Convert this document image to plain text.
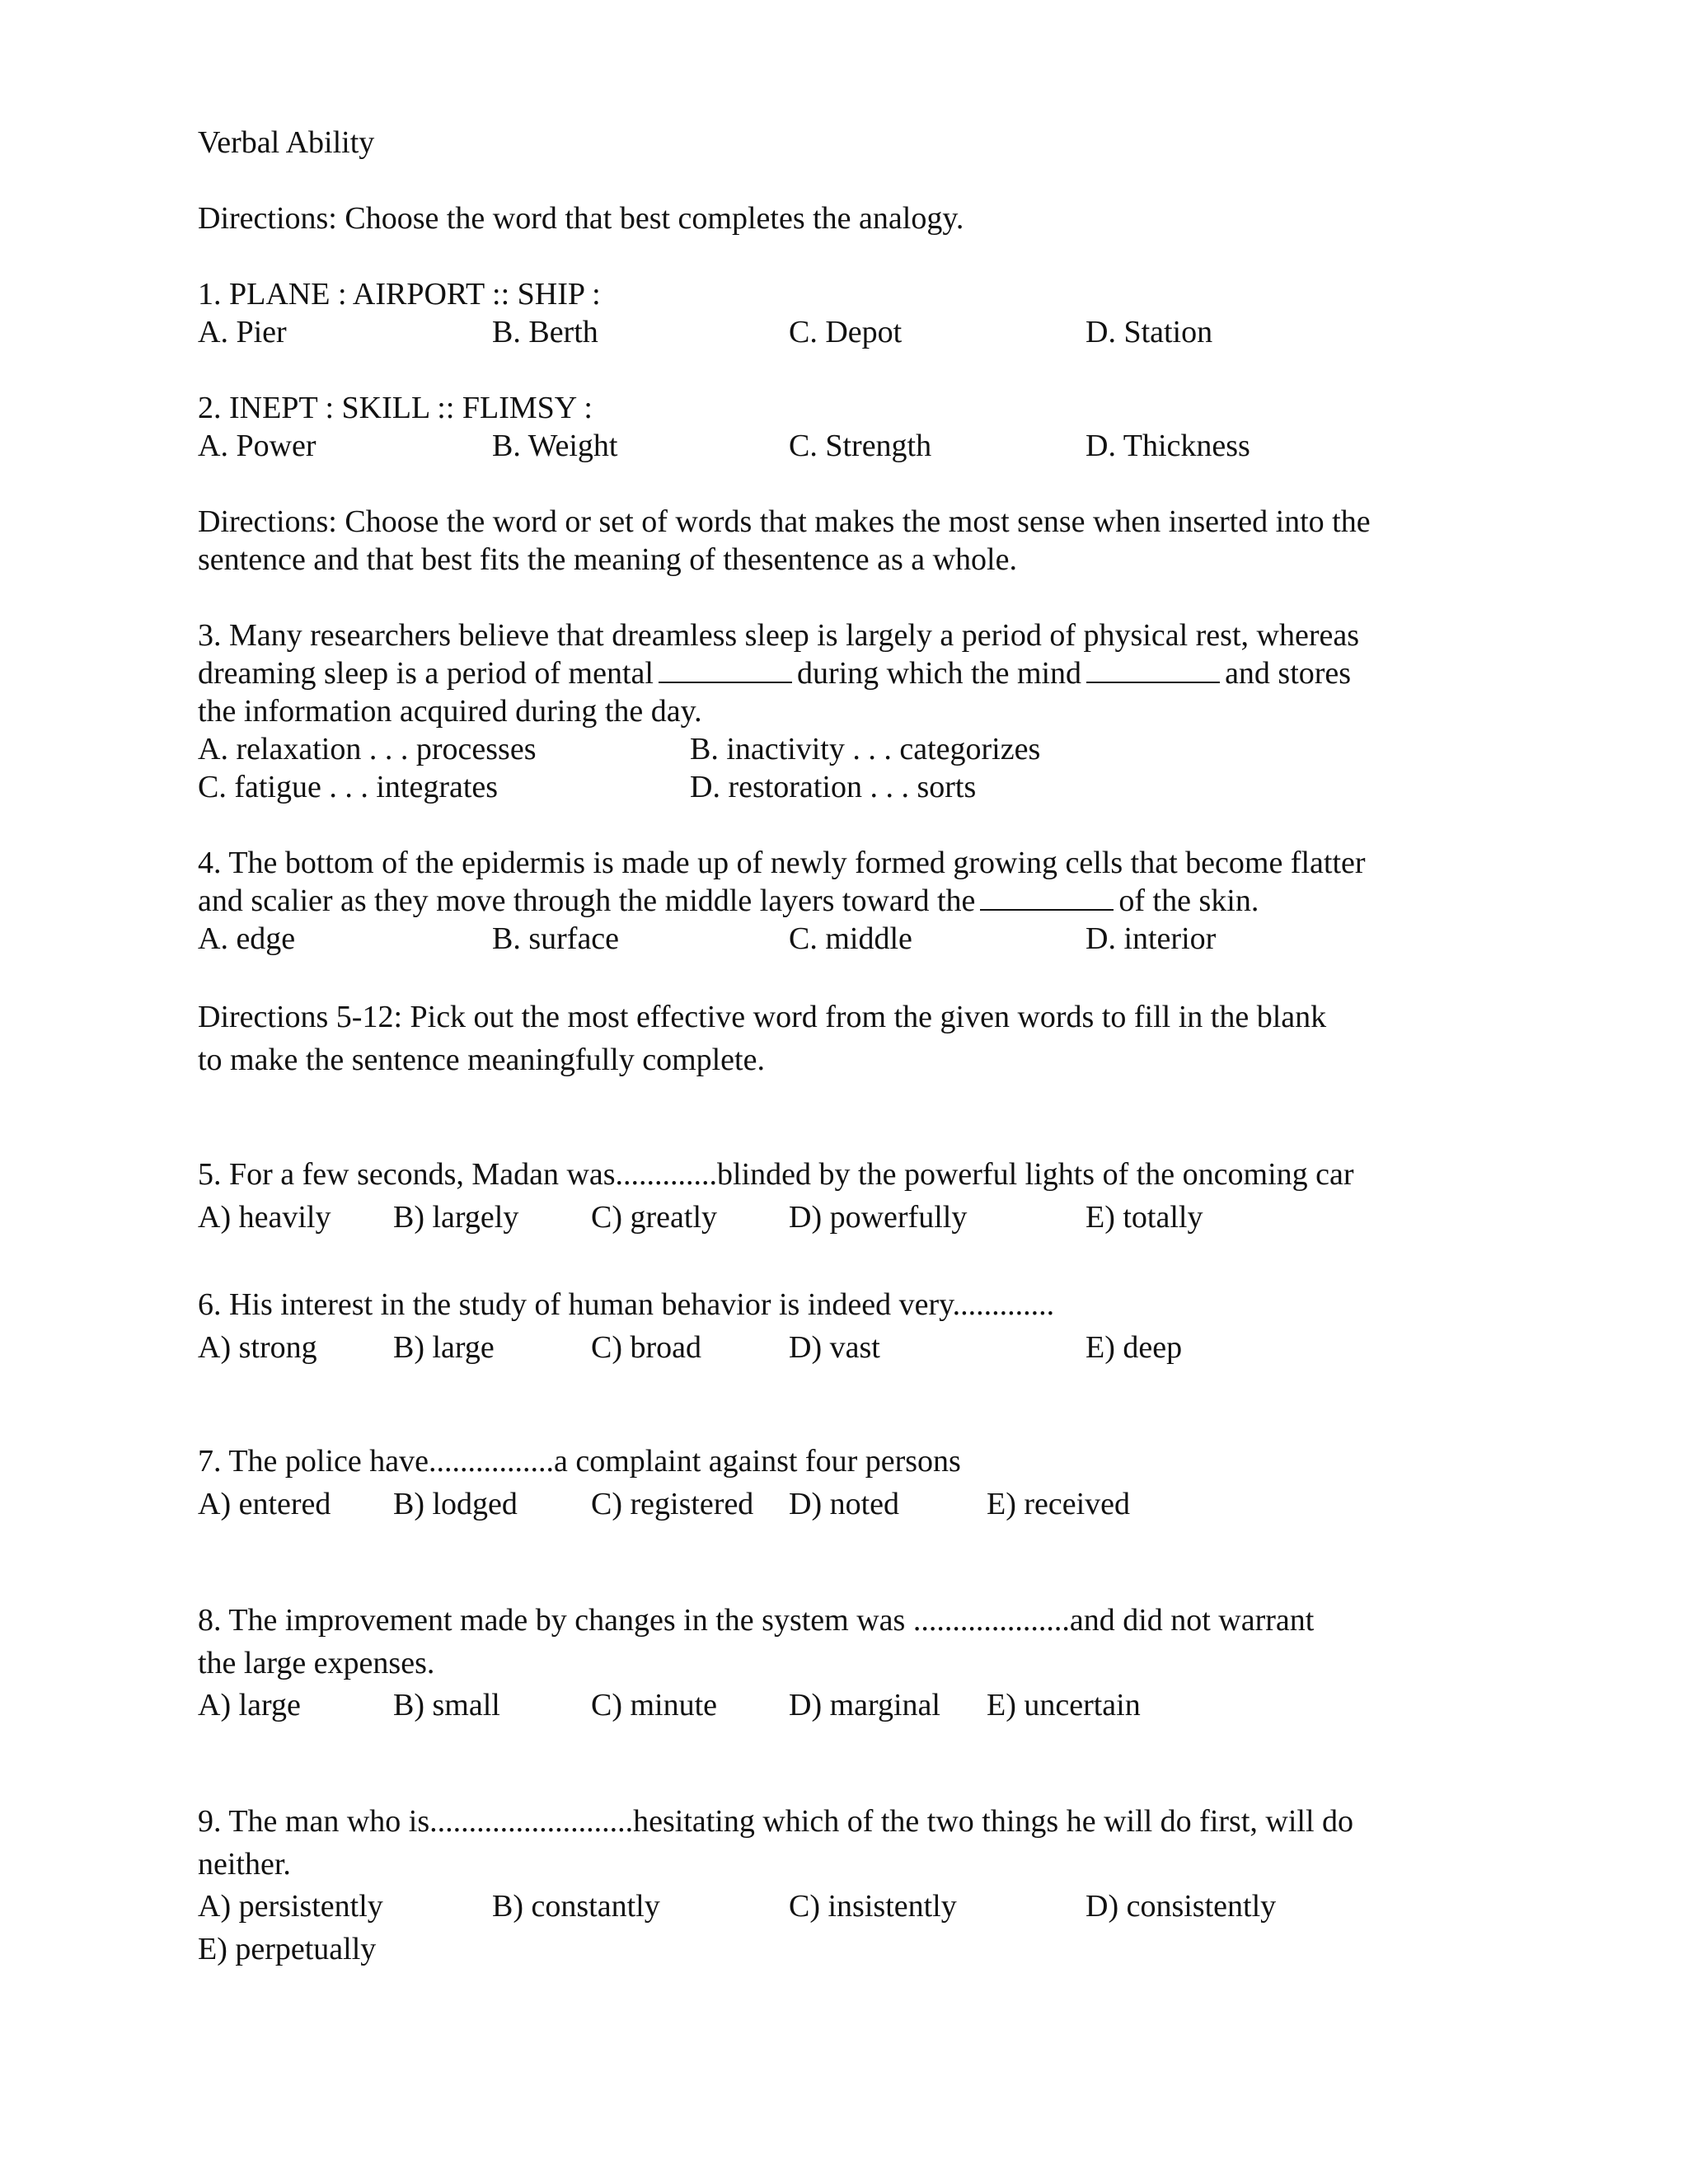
Verbal Ability
Directions: Choose the word that best completes the analogy.
1. PLANE : AIRPORT :: SHIP :
A. Pier	B. Berth	C. Depot	D. Station
2. INEPT : SKILL :: FLIMSY :
A. Power	B. Weight	C. Strength	D. Thickness
Directions: Choose the word or set of words that makes the most sense when inserted into the
sentence and that best fits the meaning of thesentence as a whole.
3. Many researchers believe that dreamless sleep is largely a period of physical rest, whereas
dreaming sleep is a period of mental	during which the mind	and stores
the information acquired during the day.
A. relaxation . . . processes	B. inactivity . . . categorizes
C. fatigue . . . integrates	D. restoration . . . sorts
4. The bottom of the epidermis is made up of newly formed growing cells that become flatter
and scalier as they move through the middle layers toward the	of the skin.
A. edge	B. surface	C. middle	D. interior
Directions 5-12: Pick out the most effective word from the given words to fill in the blank
to make the sentence meaningfully complete.
5. For a few seconds, Madan was.............blinded by the powerful lights of the oncoming car
A) heavily B) largely C) greatly D) powerfully	E) totally
6. His interest in the study of human behavior is indeed very.............
A) strong B) large	C) broad	D) vast	E) deep
7. The police have................a complaint against four persons
A) entered B) lodged C) registered D) noted	E) received
8. The improvement made by changes in the system was ....................and did not warrant
the large expenses.
A) large	B) small	C) minute D) marginal E) uncertain
9. The man who is..........................hesitating which of the two things he will do first, will do
neither.
A) persistently	B) constantly	C) insistently	D) consistently
E) perpetually
